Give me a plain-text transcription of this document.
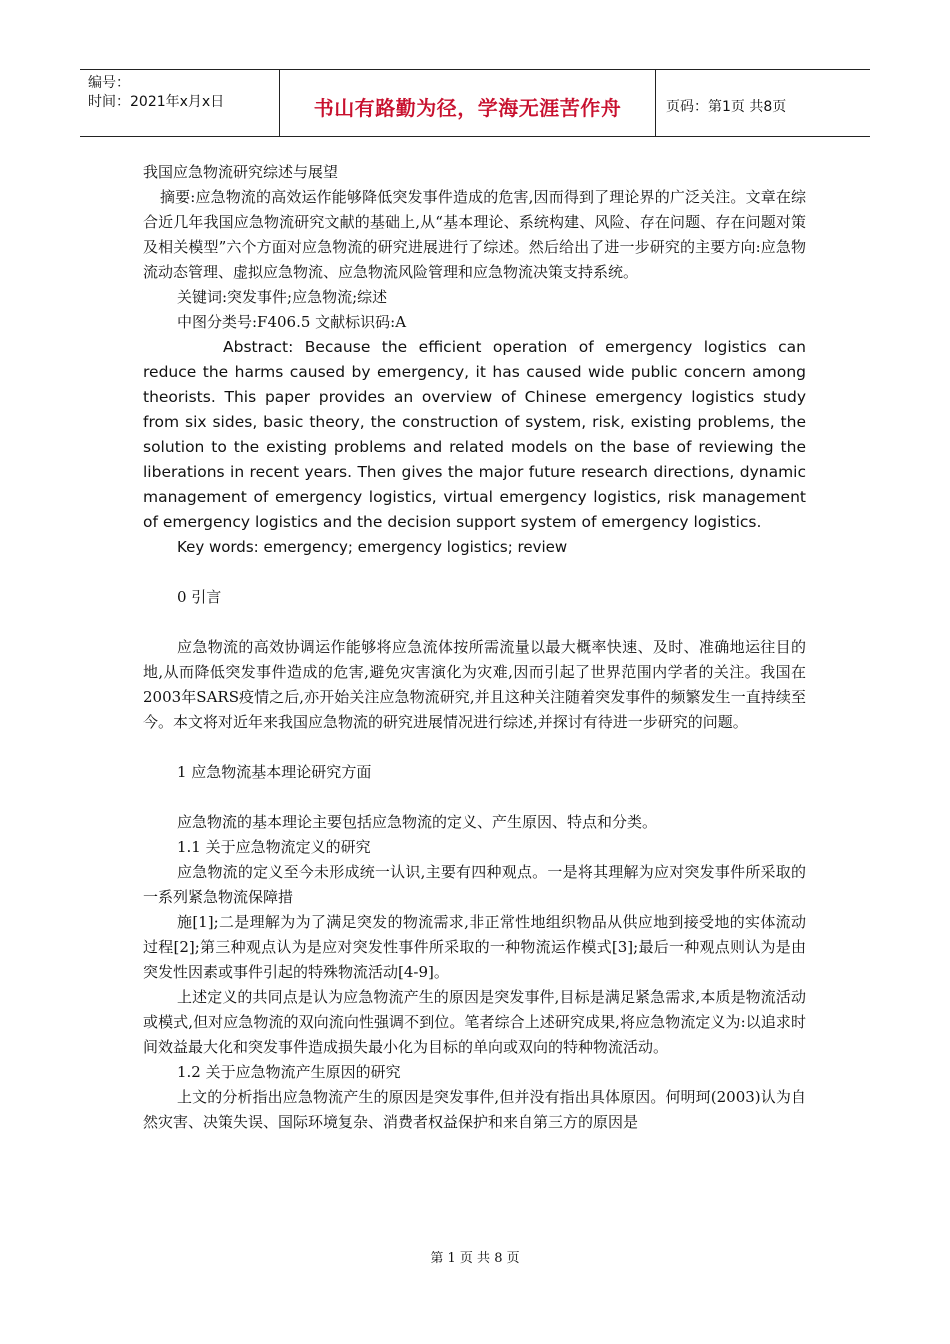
编号：
时间：2021年x月x日	书山有路勤为径，学海无涯苦作舟	页码：第1页 共8页

我国应急物流研究综述与展望

摘要:应急物流的高效运作能够降低突发事件造成的危害,因而得到了理论界的广泛关注。文章在综合近几年我国应急物流研究文献的基础上,从“基本理论、系统构建、风险、存在问题、存在问题对策及相关模型”六个方面对应急物流的研究进展进行了综述。然后给出了进一步研究的主要方向:应急物流动态管理、虚拟应急物流、应急物流风险管理和应急物流决策支持系统。

关键词:突发事件;应急物流;综述

中图分类号:F406.5 文献标识码:A

Abstract: Because the efficient operation of emergency logistics can reduce the harms caused by emergency, it has caused wide public concern among theorists. This paper provides an overview of Chinese emergency logistics study from six sides, basic theory, the construction of system, risk, existing problems, the solution to the existing problems and related models on the base of reviewing the liberations in recent years. Then gives the major future research directions, dynamic management of emergency logistics, virtual emergency logistics, risk management of emergency logistics and the decision support system of emergency logistics.

Key words: emergency; emergency logistics; review

0 引言

应急物流的高效协调运作能够将应急流体按所需流量以最大概率快速、及时、准确地运往目的地,从而降低突发事件造成的危害,避免灾害演化为灾难,因而引起了世界范围内学者的关注。我国在2003年SARS疫情之后,亦开始关注应急物流研究,并且这种关注随着突发事件的频繁发生一直持续至今。本文将对近年来我国应急物流的研究进展情况进行综述,并探讨有待进一步研究的问题。

1 应急物流基本理论研究方面

应急物流的基本理论主要包括应急物流的定义、产生原因、特点和分类。

1.1 关于应急物流定义的研究

应急物流的定义至今未形成统一认识,主要有四种观点。一是将其理解为应对突发事件所采取的一系列紧急物流保障措

施[1];二是理解为为了满足突发的物流需求,非正常性地组织物品从供应地到接受地的实体流动过程[2];第三种观点认为是应对突发性事件所采取的一种物流运作模式[3];最后一种观点则认为是由突发性因素或事件引起的特殊物流活动[4-9]。

上述定义的共同点是认为应急物流产生的原因是突发事件,目标是满足紧急需求,本质是物流活动或模式,但对应急物流的双向流向性强调不到位。笔者综合上述研究成果,将应急物流定义为:以追求时间效益最大化和突发事件造成损失最小化为目标的单向或双向的特种物流活动。

1.2 关于应急物流产生原因的研究

上文的分析指出应急物流产生的原因是突发事件,但并没有指出具体原因。何明珂(2003)认为自然灾害、决策失误、国际环境复杂、消费者权益保护和来自第三方的原因是

第 1 页 共 8 页
